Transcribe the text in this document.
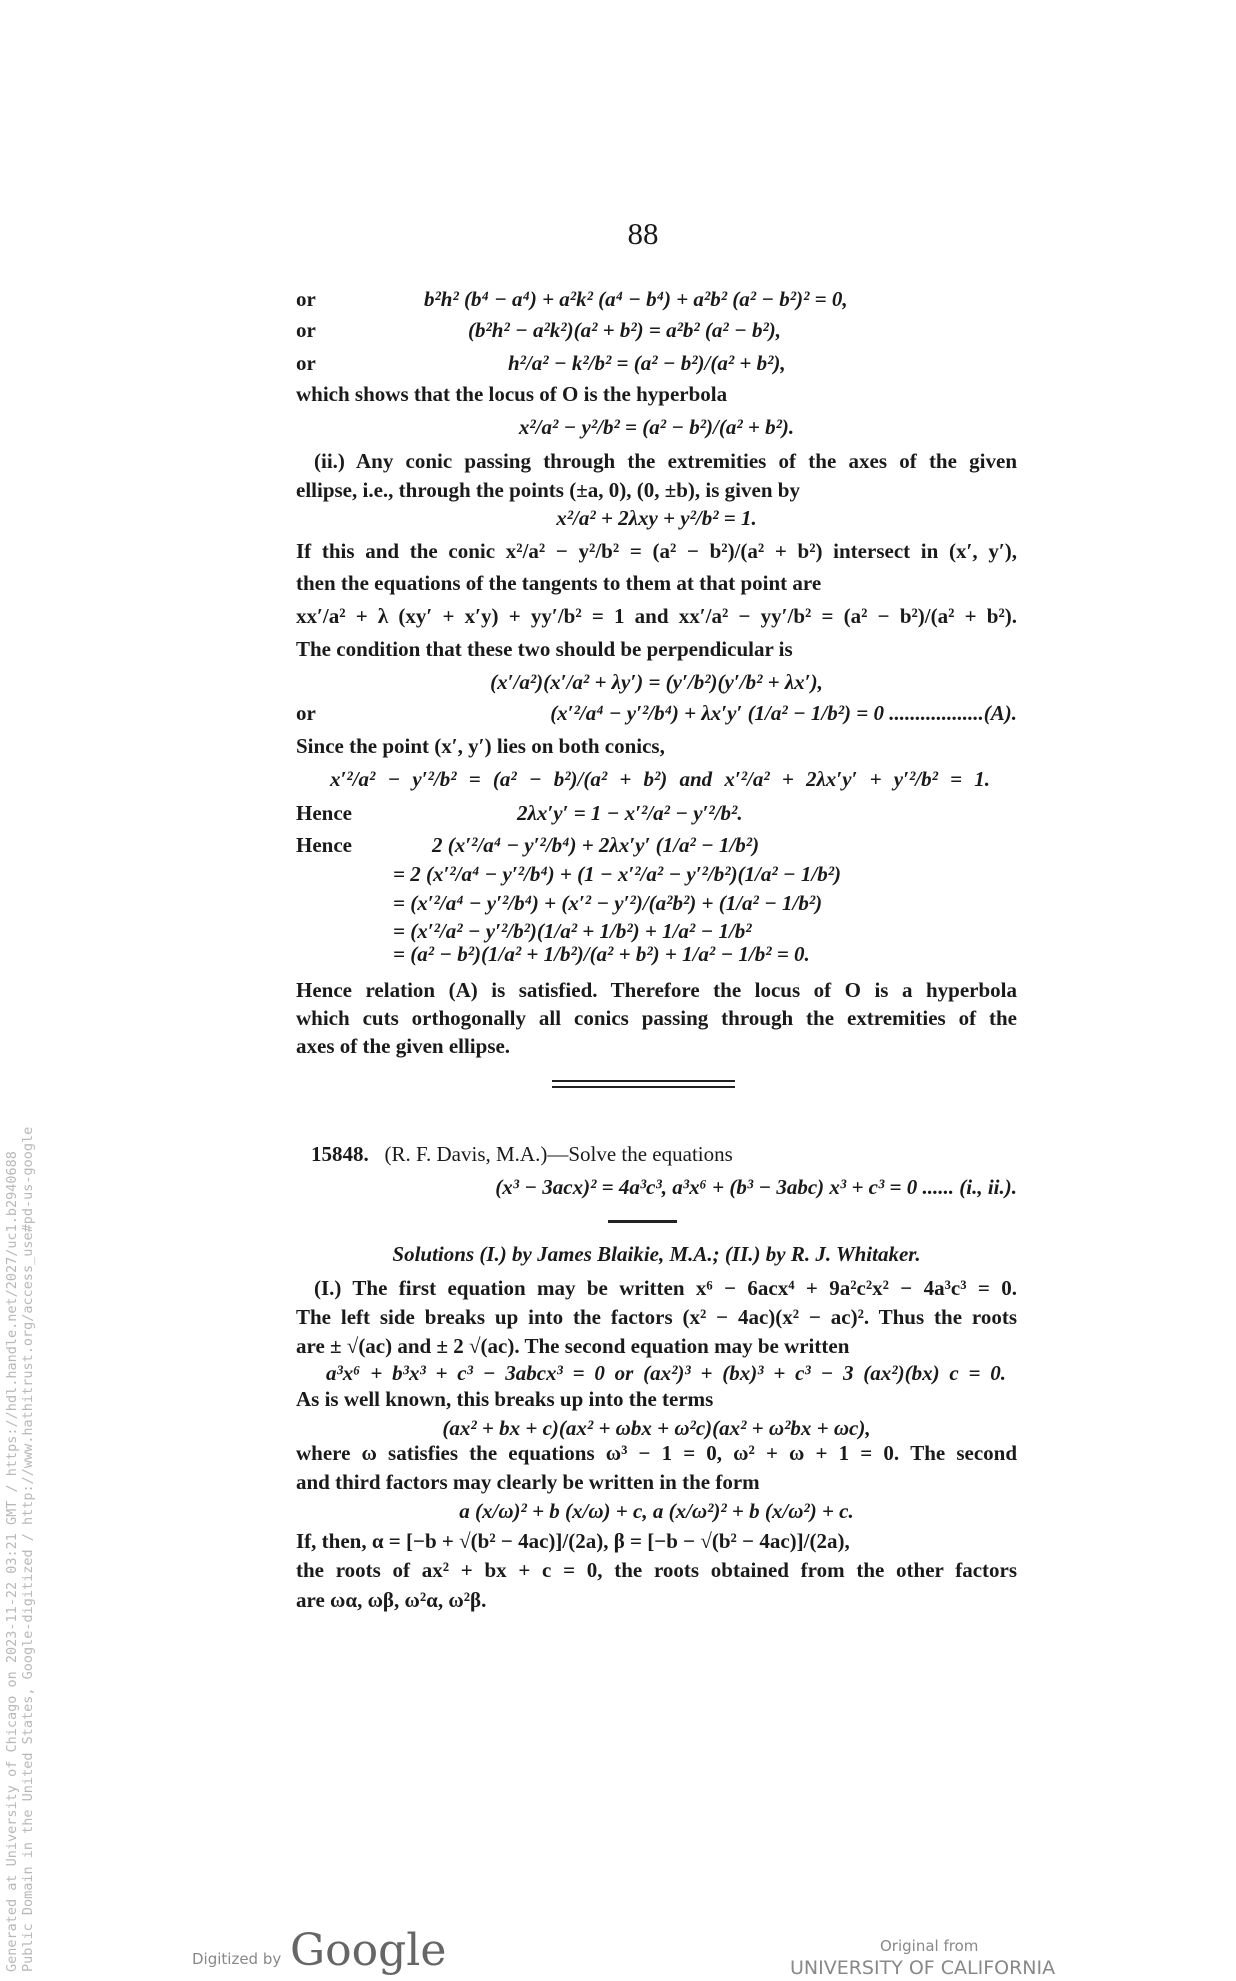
88
or	b²h² (b⁴ − a⁴) + a²k² (a⁴ − b⁴) + a²b² (a² − b²)² = 0,
or	(b²h² − a²k²)(a² + b²) = a²b² (a² − b²),
or	h²/a² − k²/b² = (a² − b²)/(a² + b²),
which shows that the locus of O is the hyperbola
x²/a² − y²/b² = (a² − b²)/(a² + b²).
(ii.) Any conic passing through the extremities of the axes of the given
ellipse, i.e., through the points (±a, 0), (0, ±b), is given by
x²/a² + 2λxy + y²/b² = 1.
If this and the conic x²/a² − y²/b² = (a² − b²)/(a² + b²) intersect in (x′, y′),
then the equations of the tangents to them at that point are
xx′/a² + λ (xy′ + x′y) + yy′/b² = 1 and xx′/a² − yy′/b² = (a² − b²)/(a² + b²).
The condition that these two should be perpendicular is
(x′/a²)(x′/a² + λy′) = (y′/b²)(y′/b² + λx′),
or	(x′²/a⁴ − y′²/b⁴) + λx′y′ (1/a² − 1/b²) = 0 ..................(A).
Since the point (x′, y′) lies on both conics,
x′²/a² − y′²/b² = (a² − b²)/(a² + b²) and x′²/a² + 2λx′y′ + y′²/b² = 1.
Hence	2λx′y′ = 1 − x′²/a² − y′²/b².
Hence	2 (x′²/a⁴ − y′²/b⁴) + 2λx′y′ (1/a² − 1/b²)
= 2 (x′²/a⁴ − y′²/b⁴) + (1 − x′²/a² − y′²/b²)(1/a² − 1/b²)
= (x′²/a⁴ − y′²/b⁴) + (x′² − y′²)/(a²b²) + (1/a² − 1/b²)
= (x′²/a² − y′²/b²)(1/a² + 1/b²) + 1/a² − 1/b²
= (a² − b²)(1/a² + 1/b²)/(a² + b²) + 1/a² − 1/b² = 0.
Hence relation (A) is satisfied. Therefore the locus of O is a hyperbola
which cuts orthogonally all conics passing through the extremities of the
axes of the given ellipse.
15848. (R. F. Davis, M.A.)—Solve the equations
(x³ − 3acx)² = 4a³c³, a³x⁶ + (b³ − 3abc) x³ + c³ = 0 ...... (i., ii.).
Solutions (I.) by James Blaikie, M.A.; (II.) by R. J. Whitaker.
(I.) The first equation may be written x⁶ − 6acx⁴ + 9a²c²x² − 4a³c³ = 0.
The left side breaks up into the factors (x² − 4ac)(x² − ac)². Thus the roots
are ± √(ac) and ± 2 √(ac). The second equation may be written
a³x⁶ + b³x³ + c³ − 3abcx³ = 0 or (ax²)³ + (bx)³ + c³ − 3 (ax²)(bx) c = 0.
As is well known, this breaks up into the terms
(ax² + bx + c)(ax² + ωbx + ω²c)(ax² + ω²bx + ωc),
where ω satisfies the equations ω³ − 1 = 0, ω² + ω + 1 = 0. The second
and third factors may clearly be written in the form
a (x/ω)² + b (x/ω) + c, a (x/ω²)² + b (x/ω²) + c.
If, then, α = [−b + √(b² − 4ac)]/(2a), β = [−b − √(b² − 4ac)]/(2a),
the roots of ax² + bx + c = 0, the roots obtained from the other factors
are ωα, ωβ, ω²α, ω²β.
Generated at University of Chicago on 2023-11-22 03:21 GMT / https://hdl.handle.net/2027/uc1.b2940688 Public Domain in the United States, Google-digitized / http://www.hathitrust.org/access_use#pd-us-google	Digitized by Google	Original from
UNIVERSITY OF CALIFORNIA
